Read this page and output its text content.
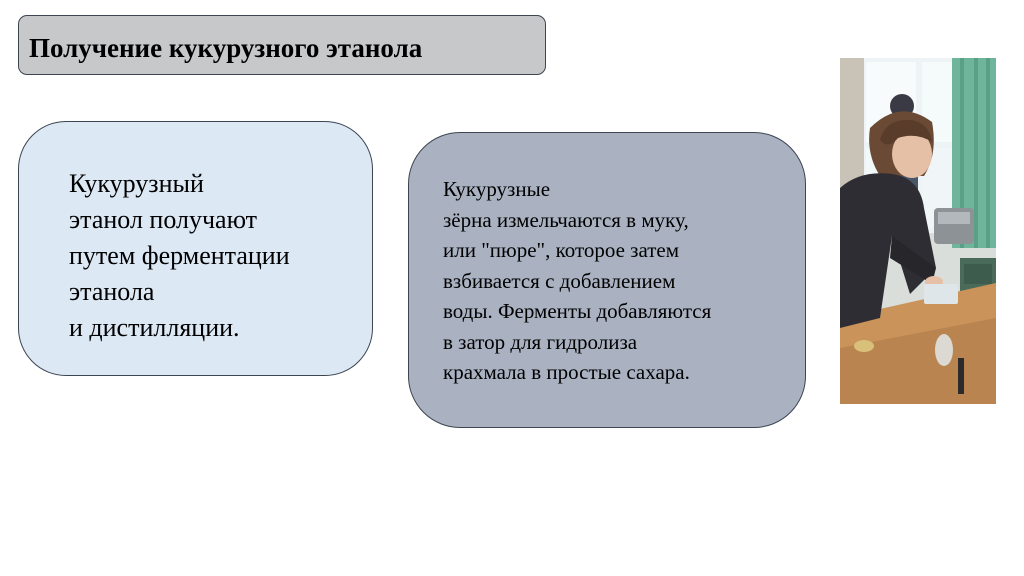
Получение кукурузного этанола
Кукурузный
этанол получают
путем ферментации
этанола
и дистилляции.
Кукурузные
зёрна измельчаются в муку,
или "пюре", которое затем
взбивается с добавлением
воды. Ферменты добавляются
в затор для гидролиза
крахмала в простые сахара.
